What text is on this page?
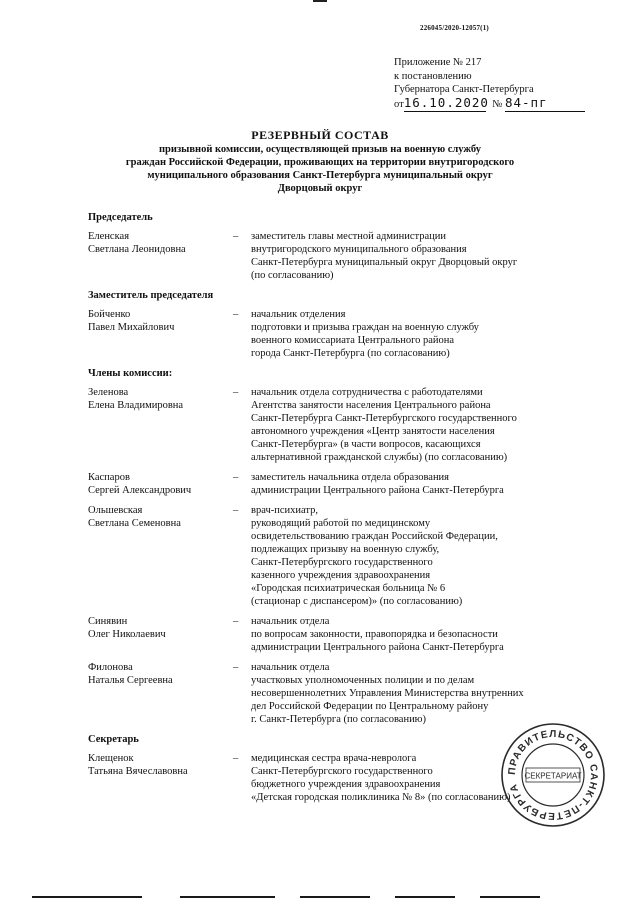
226045/2020-12057(1)
Приложение № 217
к постановлению
Губернатора Санкт-Петербурга
от16.10.2020 № 84-пг
РЕЗЕРВНЫЙ СОСТАВ
призывной комиссии, осуществляющей призыв на военную службу
граждан Российской Федерации, проживающих на территории внутригородского
муниципального образования Санкт-Петербурга муниципальный округ
Дворцовый округ
Председатель
Еленская
Светлана Леонидовна
–	заместитель главы местной администрации
внутригородского муниципального образования
Санкт-Петербурга муниципальный округ Дворцовый округ
(по согласованию)
Заместитель председателя
Бойченко
Павел Михайлович
–	начальник отделения
подготовки и призыва граждан на военную службу
военного комиссариата Центрального района
города Санкт-Петербурга (по согласованию)
Члены комиссии:
Зеленова
Елена Владимировна
–	начальник отдела сотрудничества с работодателями
Агентства занятости населения Центрального района
Санкт-Петербурга Санкт-Петербургского государственного
автономного учреждения «Центр занятости населения
Санкт-Петербурга» (в части вопросов, касающихся
альтернативной гражданской службы) (по согласованию)
Каспаров
Сергей Александрович
–	заместитель начальника отдела образования
администрации Центрального района Санкт-Петербурга
Ольшевская
Светлана Семеновна
–	врач-психиатр,
руководящий работой по медицинскому
освидетельствованию граждан Российской Федерации,
подлежащих призыву на военную службу,
Санкт-Петербургского государственного
казенного учреждения здравоохранения
«Городская психиатрическая больница № 6
(стационар с диспансером)» (по согласованию)
Синявин
Олег Николаевич
–	начальник отдела
по вопросам законности, правопорядка и безопасности
администрации Центрального района Санкт-Петербурга
Филонова
Наталья Сергеевна
–	начальник отдела
участковых уполномоченных полиции и по делам
несовершеннолетних Управления Министерства внутренних
дел Российской Федерации по Центральному району
г. Санкт-Петербурга (по согласованию)
Секретарь
Клещенок
Татьяна Вячеславовна
–	медицинская сестра врача-невролога
Санкт-Петербургского государственного
бюджетного учреждения здравоохранения
«Детская городская поликлиника № 8» (по согласованию)
ПРАВИТЕЛЬСТВО САНКТ-ПЕТЕРБУРГА
СЕКРЕТАРИАТ
